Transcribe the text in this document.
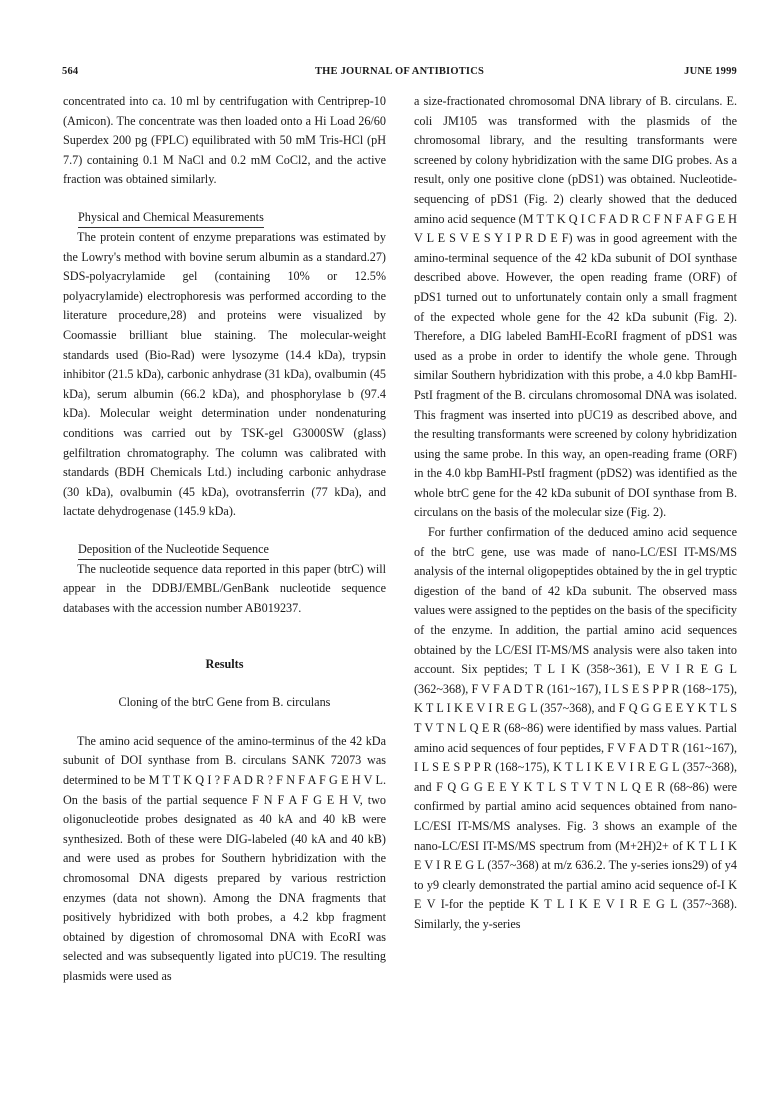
564	THE JOURNAL OF ANTIBIOTICS	JUNE 1999

concentrated into ca. 10 ml by centrifugation with Centriprep-10 (Amicon). The concentrate was then loaded onto a Hi Load 26/60 Superdex 200 pg (FPLC) equilibrated with 50 mM Tris-HCl (pH 7.7) containing 0.1 M NaCl and 0.2 mM CoCl2, and the active fraction was obtained similarly.

Physical and Chemical Measurements

The protein content of enzyme preparations was estimated by the Lowry's method with bovine serum albumin as a standard.27) SDS-polyacrylamide gel (containing 10% or 12.5% polyacrylamide) electrophoresis was performed according to the literature procedure,28) and proteins were visualized by Coomassie brilliant blue staining. The molecular-weight standards used (Bio-Rad) were lysozyme (14.4 kDa), trypsin inhibitor (21.5 kDa), carbonic anhydrase (31 kDa), ovalbumin (45 kDa), serum albumin (66.2 kDa), and phosphorylase b (97.4 kDa). Molecular weight determination under nondenaturing conditions was carried out by TSK-gel G3000SW (glass) gelfiltration chromatography. The column was calibrated with standards (BDH Chemicals Ltd.) including carbonic anhydrase (30 kDa), ovalbumin (45 kDa), ovotransferrin (77 kDa), and lactate dehydrogenase (145.9 kDa).

Deposition of the Nucleotide Sequence

The nucleotide sequence data reported in this paper (btrC) will appear in the DDBJ/EMBL/GenBank nucleotide sequence databases with the accession number AB019237.

Results
Cloning of the btrC Gene from B. circulans

The amino acid sequence of the amino-terminus of the 42 kDa subunit of DOI synthase from B. circulans SANK 72073 was determined to be M T T K Q I ? F A D R ? F N F A F G E H V L. On the basis of the partial sequence F N F A F G E H V, two oligonucleotide probes designated as 40 kA and 40 kB were synthesized. Both of these were DIG-labeled (40 kA and 40 kB) and were used as probes for Southern hybridization with the chromosomal DNA digests prepared by various restriction enzymes (data not shown). Among the DNA fragments that positively hybridized with both probes, a 4.2 kbp fragment obtained by digestion of chromosomal DNA with EcoRI was selected and was subsequently ligated into pUC19. The resulting plasmids were used as

a size-fractionated chromosomal DNA library of B. circulans. E. coli JM105 was transformed with the plasmids of the chromosomal library, and the resulting transformants were screened by colony hybridization with the same DIG probes. As a result, only one positive clone (pDS1) was obtained. Nucleotide-sequencing of pDS1 (Fig. 2) clearly showed that the deduced amino acid sequence (M T T K Q I C F A D R C F N F A F G E H V L E S V E S Y I P R D E F) was in good agreement with the amino-terminal sequence of the 42 kDa subunit of DOI synthase described above. However, the open reading frame (ORF) of pDS1 turned out to unfortunately contain only a small fragment of the expected whole gene for the 42 kDa subunit (Fig. 2). Therefore, a DIG labeled BamHI-EcoRI fragment of pDS1 was used as a probe in order to identify the whole gene. Through similar Southern hybridization with this probe, a 4.0 kbp BamHI-PstI fragment of the B. circulans chromosomal DNA was isolated. This fragment was inserted into pUC19 as described above, and the resulting transformants were screened by colony hybridization using the same probe. In this way, an open-reading frame (ORF) in the 4.0 kbp BamHI-PstI fragment (pDS2) was identified as the whole btrC gene for the 42 kDa subunit of DOI synthase from B. circulans on the basis of the molecular size (Fig. 2).

For further confirmation of the deduced amino acid sequence of the btrC gene, use was made of nano-LC/ESI IT-MS/MS analysis of the internal oligopeptides obtained by the in gel tryptic digestion of the band of 42 kDa subunit. The observed mass values were assigned to the peptides on the basis of the specificity of the enzyme. In addition, the partial amino acid sequences obtained by the LC/ESI IT-MS/MS analysis were also taken into account. Six peptides; T L I K (358~361), E V I R E G L (362~368), F V F A D T R (161~167), I L S E S P P R (168~175), K T L I K E V I R E G L (357~368), and F Q G G E E Y K T L S T V T N L Q E R (68~86) were identified by mass values. Partial amino acid sequences of four peptides, F V F A D T R (161~167), I L S E S P P R (168~175), K T L I K E V I R E G L (357~368), and F Q G G E E Y K T L S T V T N L Q E R (68~86) were confirmed by partial amino acid sequences obtained from nano-LC/ESI IT-MS/MS analyses. Fig. 3 shows an example of the nano-LC/ESI IT-MS/MS spectrum from (M+2H)2+ of K T L I K E V I R E G L (357~368) at m/z 636.2. The y-series ions29) of y4 to y9 clearly demonstrated the partial amino acid sequence of-I K E V I-for the peptide K T L I K E V I R E G L (357~368). Similarly, the y-series
